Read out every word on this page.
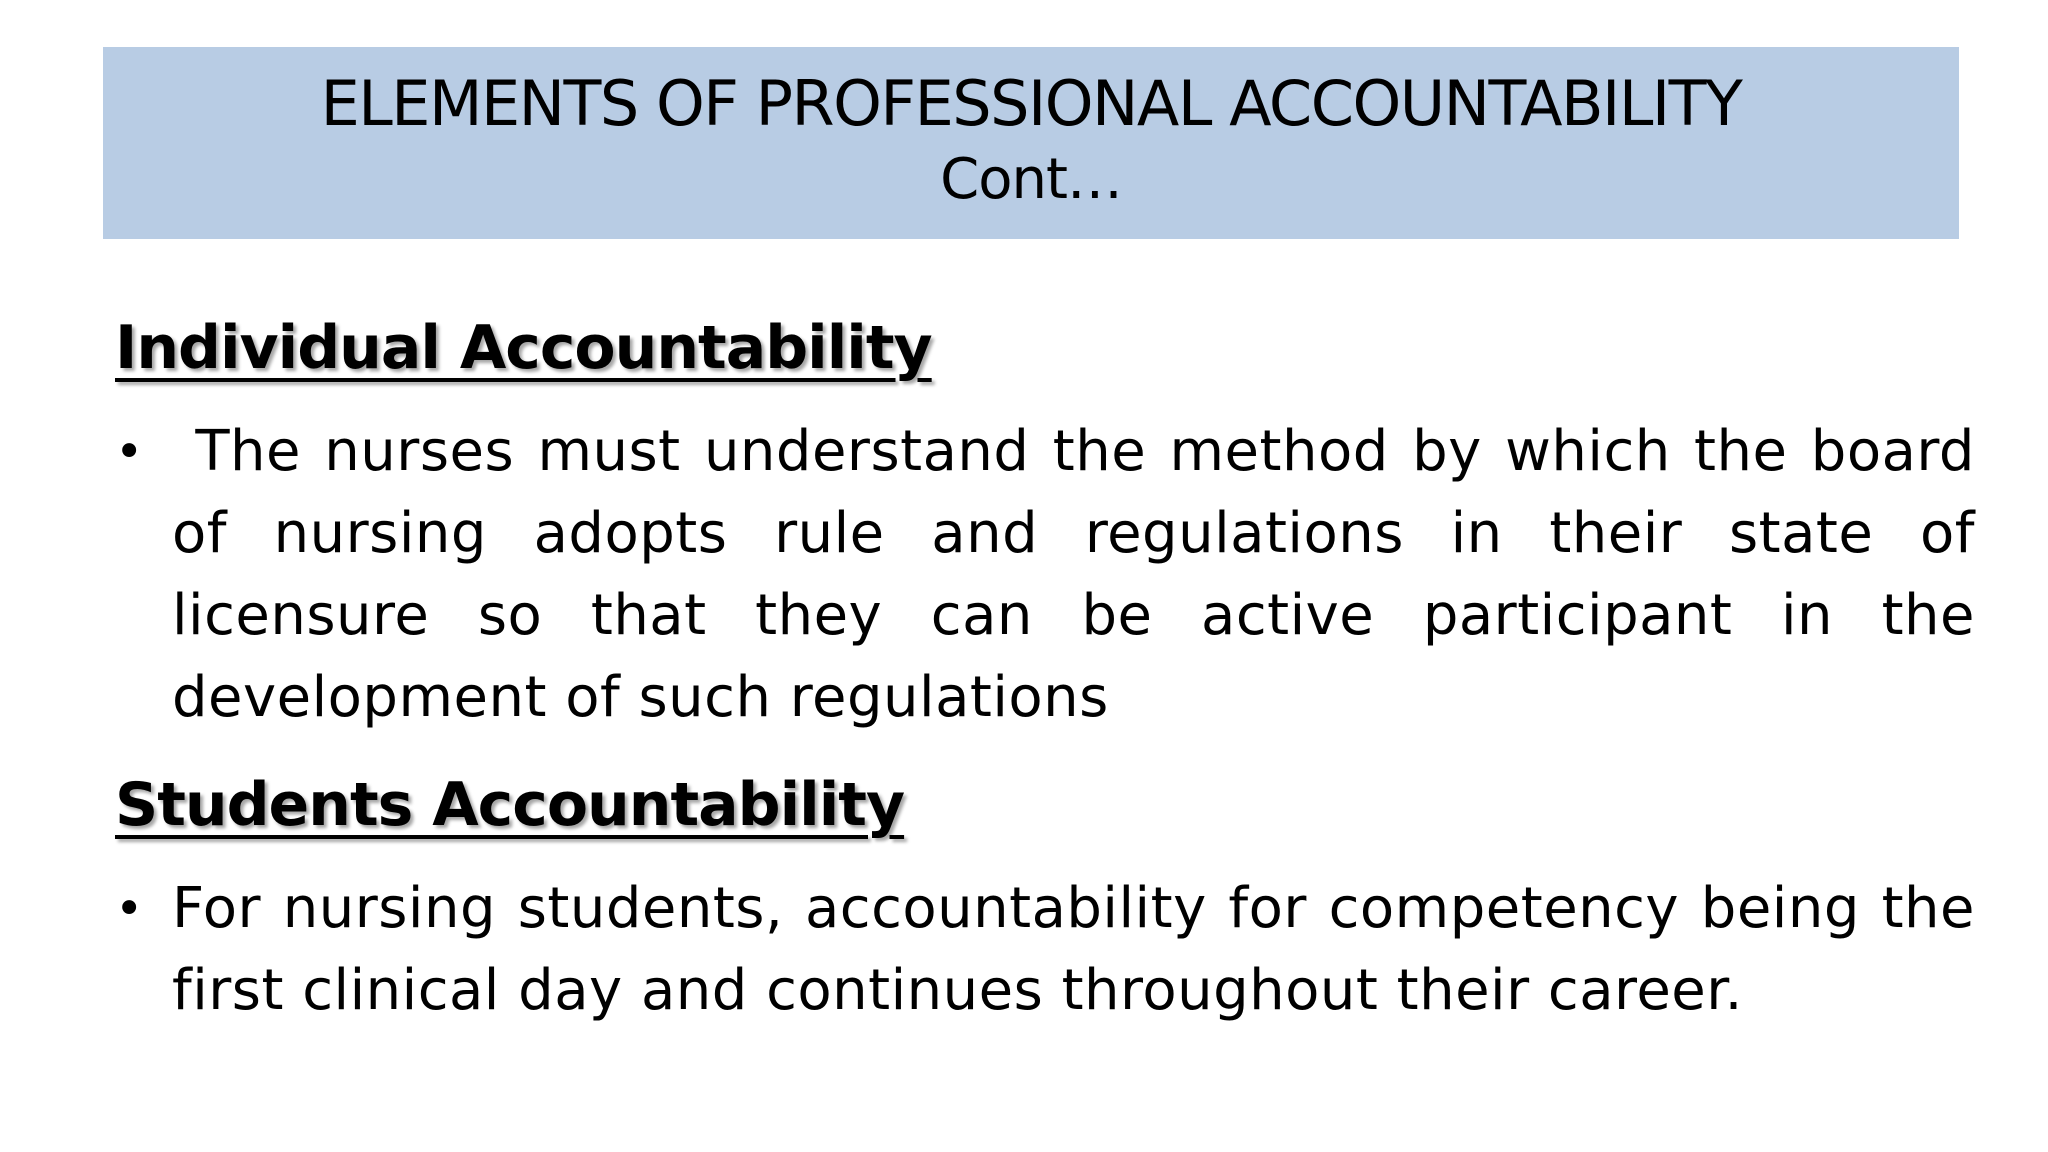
ELEMENTS OF PROFESSIONAL ACCOUNTABILITY
Cont…
Individual Accountability
• The nurses must understand the method by which the board of nursing adopts rule and regulations in their state of licensure so that they can be active participant in the development of such regulations
Students Accountability
• For nursing students, accountability for competency being the first clinical day and continues throughout their career.
